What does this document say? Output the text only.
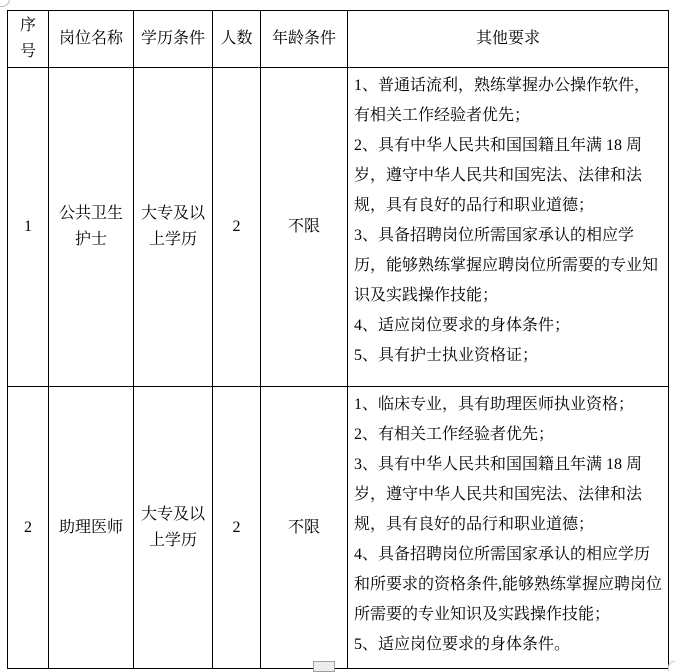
序号	岗位名称	学历条件	人数	年龄条件	其他要求
1	公共卫生护士	大专及以上学历	2	不限	1、普通话流利，熟练掌握办公操作软件，有相关工作经验者优先；

2、具有中华人民共和国国籍且年满 18 周岁，遵守中华人民共和国宪法、法律和法规，具有良好的品行和职业道德；

3、具备招聘岗位所需国家承认的相应学历，能够熟练掌握应聘岗位所需要的专业知识及实践操作技能；

4、适应岗位要求的身体条件；

5、具有护士执业资格证；

2	助理医师	大专及以上学历	2	不限	1、临床专业，具有助理医师执业资格；

2、有相关工作经验者优先；

3、具有中华人民共和国国籍且年满 18 周岁，遵守中华人民共和国宪法、法律和法规，具有良好的品行和职业道德；

4、具备招聘岗位所需国家承认的相应学历和所要求的资格条件,能够熟练掌握应聘岗位所需要的专业知识及实践操作技能；

5、适应岗位要求的身体条件。
